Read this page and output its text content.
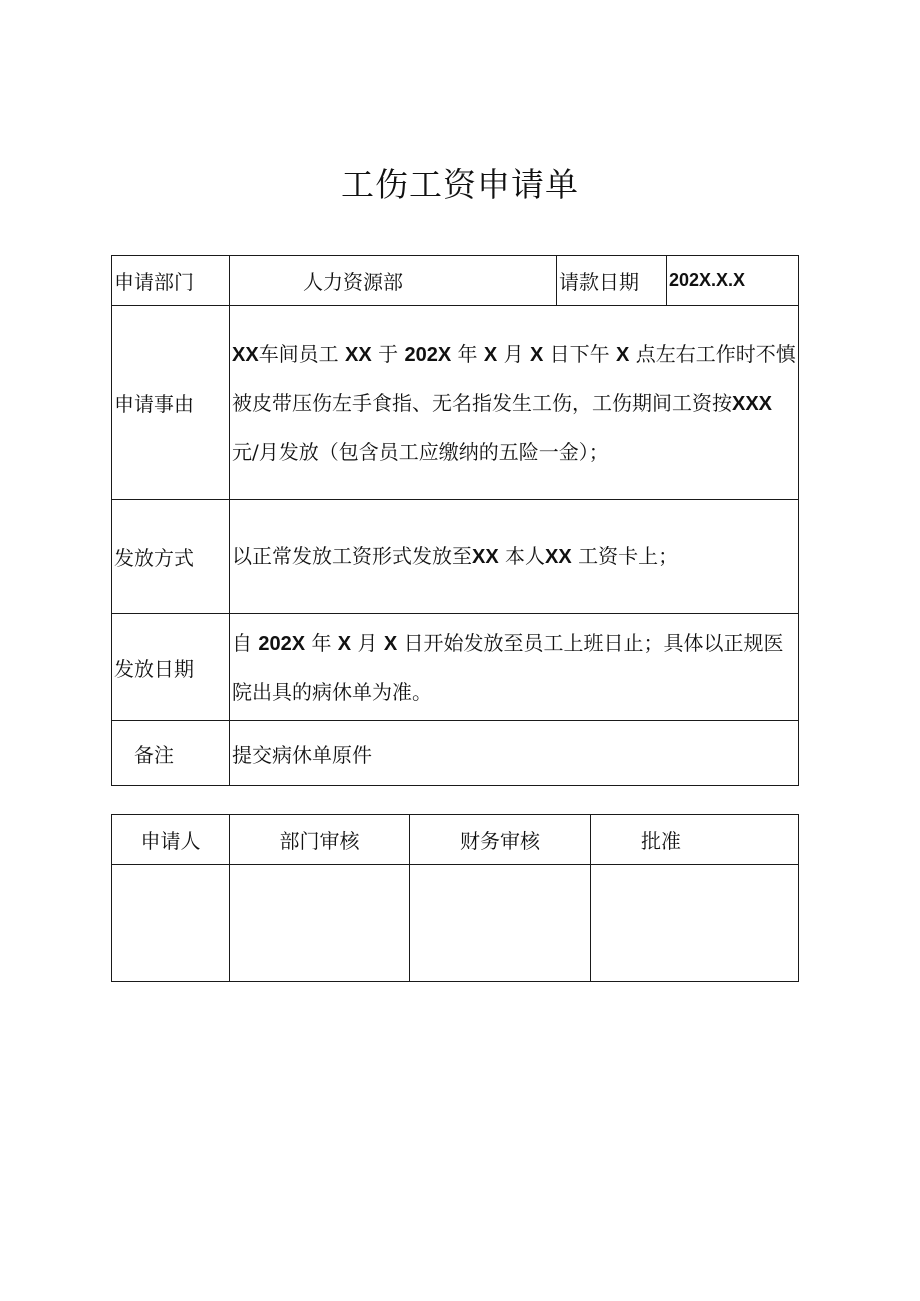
工伤工资申请单
申请部门	人力资源部	请款日期	202X.X.X
申请事由	XX车间员工 XX 于 202X 年 X 月 X 日下午 X 点左右工作时不慎被皮带压伤左手食指、无名指发生工伤，工伤期间工资按XXX 元/月发放（包含员工应缴纳的五险一金）；		

发放方式	以正常发放工资形式发放至XX 本人XX 工资卡上；		

发放日期	自 202X 年 X 月 X 日开始发放至员工上班日止；具体以正规医院出具的病休单为准。		

备注	提交病休单原件		
申请人	部门审核	财务审核	批准
